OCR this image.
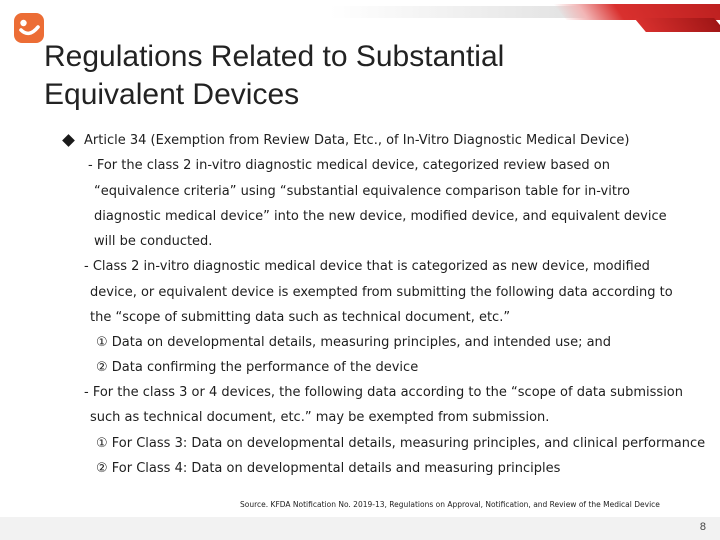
Regulations Related to Substantial
Equivalent Devices
Article 34 (Exemption from Review Data, Etc., of In-Vitro Diagnostic Medical Device)
- For the class 2 in-vitro diagnostic medical device, categorized review based on
“equivalence criteria” using “substantial equivalence comparison table for in-vitro
diagnostic medical device” into the new device, modified device, and equivalent device
will be conducted.
- Class 2 in-vitro diagnostic medical device that is categorized as new device, modified
device, or equivalent device is exempted from submitting the following data according to
the “scope of submitting data such as technical document, etc.”
① Data on developmental details, measuring principles, and intended use; and
② Data confirming the performance of the device
- For the class 3 or 4 devices, the following data according to the “scope of data submission
such as technical document, etc.” may be exempted from submission.
① For Class 3: Data on developmental details, measuring principles, and clinical performance
② For Class 4: Data on developmental details and measuring principles
Source. KFDA Notification No. 2019-13, Regulations on Approval, Notification, and Review of the Medical Device
8
